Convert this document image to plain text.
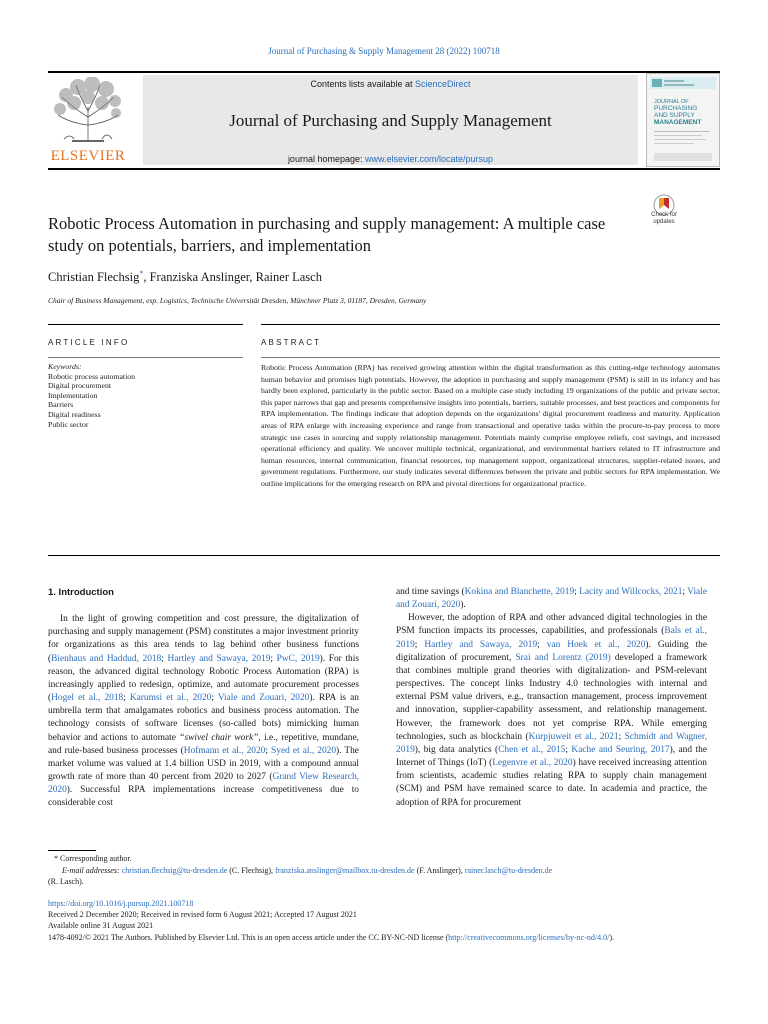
Journal of Purchasing & Supply Management 28 (2022) 100718
ELSEVIER
Contents lists available at ScienceDirect
Journal of Purchasing and Supply Management
journal homepage: www.elsevier.com/locate/pursup
JOURNAL OF
PURCHASING
AND SUPPLY
MANAGEMENT
Check for
updates
Robotic Process Automation in purchasing and supply management: A multiple case study on potentials, barriers, and implementation
Christian Flechsig*, Franziska Anslinger, Rainer Lasch
Chair of Business Management, esp. Logistics, Technische Universität Dresden, Münchner Platz 3, 01187, Dresden, Germany
ARTICLE INFO	ABSTRACT
Keywords:
Robotic process automation
Digital procurement
Implementation
Barriers
Digital readiness
Public sector
Robotic Process Automation (RPA) has received growing attention within the digital transformation as this cutting-edge technology automates human behavior and promises high potentials. However, the adoption in purchasing and supply management (PSM) is still in its infancy and has hardly been explored, particularly in the public sector. Based on a multiple case study including 19 organizations of the public and private sector, this paper narrows that gap and presents comprehensive insights into potentials, barriers, suitable processes, and best practices and components for RPA implementation. The findings indicate that adoption depends on the organizations' digital procurement readiness and maturity. Application areas of RPA enlarge with increasing experience and range from transactional and operative tasks within the procure-to-pay process to more strategic use cases in sourcing and supply relationship management. Potentials mainly comprise employee reliefs, cost savings, and increased operational efficiency and quality. We uncover multiple technical, organizational, and environmental barriers related to IT infrastructure and human resources, internal communication, financial resources, top management support, organizational structures, supplier-related issues, and government regulations. Furthermore, our study indicates several differences between the private and public sectors for RPA implementation. We outline implications for the emerging research on RPA and pivotal directions for organizational practice.
1. Introduction

In the light of growing competition and cost pressure, the digitalization of purchasing and supply management (PSM) constitutes a major investment priority for organizations as this area tends to lag behind other business functions (Bienhaus and Haddud, 2018; Hartley and Sawaya, 2019; PwC, 2019). For this reason, the advanced digital technology Robotic Process Automation (RPA) is increasingly applied to redesign, optimize, and automate procurement processes (Hogel et al., 2018; Karumsi et al., 2020; Viale and Zouari, 2020). RPA is an umbrella term that amalgamates robotics and business process automation. The technology consists of software licenses (so-called bots) mimicking human behavior and actions to automate “swivel chair work”, i.e., repetitive, mundane, and rule-based business processes (Hofmann et al., 2020; Syed et al., 2020). The market volume was valued at 1.4 billion USD in 2019, with a compound annual growth rate of more than 40 percent from 2020 to 2027 (Grand View Research, 2020). Successful RPA implementations increase competitiveness due to considerable cost

and time savings (Kokina and Blanchette, 2019; Lacity and Willcocks, 2021; Viale and Zouari, 2020).

However, the adoption of RPA and other advanced digital technologies in the PSM function impacts its processes, capabilities, and professionals (Bals et al., 2019; Hartley and Sawaya, 2019; van Hoek et al., 2020). Guiding the digitalization of procurement, Srai and Lorentz (2019) developed a framework that combines multiple grand theories with digitalization- and PSM-relevant perspectives. The concept links Industry 4.0 technologies with internal and external PSM value drivers, e.g., transaction management, process improvement and innovation, supplier-capability assessment, and relationship management. However, the framework does not yet comprise RPA. While emerging technologies, such as blockchain (Kurpjuweit et al., 2021; Schmidt and Wagner, 2019), big data analytics (Chen et al., 2015; Kache and Seuring, 2017), and the Internet of Things (IoT) (Legenvre et al., 2020) have received increasing attention from scientists, academic studies relating RPA to supply chain management (SCM) and PSM have remained scarce to date. In academia and practice, the adoption of RPA for procurement

* Corresponding author.
E-mail addresses: christian.flechsig@tu-dresden.de (C. Flechsig), franziska.anslinger@mailbox.tu-dresden.de (F. Anslinger), rainer.lasch@tu-dresden.de
(R. Lasch).
https://doi.org/10.1016/j.pursup.2021.100718
Received 2 December 2020; Received in revised form 6 August 2021; Accepted 17 August 2021
Available online 31 August 2021
1478-4092/© 2021 The Authors. Published by Elsevier Ltd. This is an open access article under the CC BY-NC-ND license (http://creativecommons.org/licenses/by-nc-nd/4.0/).
